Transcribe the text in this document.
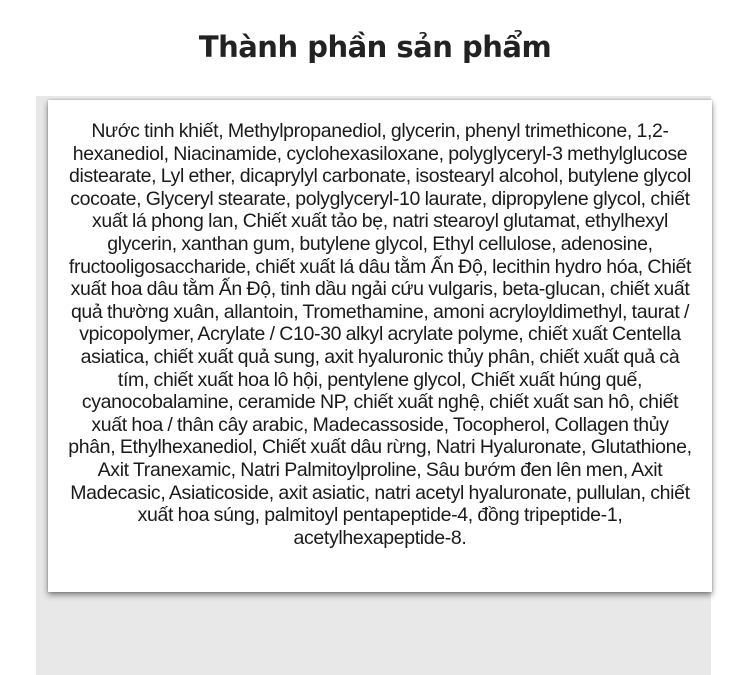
Thành phần sản phẩm

Nước tinh khiết, Methylpropanediol, glycerin, phenyl trimethicone, 1,2-hexanediol, Niacinamide, cyclohexasiloxane, polyglyceryl-3 methylglucose distearate, Lyl ether, dicaprylyl carbonate, isostearyl alcohol, butylene glycol cocoate, Glyceryl stearate, polyglyceryl-10 laurate, dipropylene glycol, chiết xuất lá phong lan, Chiết xuất tảo bẹ, natri stearoyl glutamat, ethylhexyl glycerin, xanthan gum, butylene glycol, Ethyl cellulose, adenosine, fructooligosaccharide, chiết xuất lá dâu tằm Ấn Độ, lecithin hydro hóa, Chiết xuất hoa dâu tằm Ấn Độ, tinh dầu ngải cứu vulgaris, beta-glucan, chiết xuất quả thường xuân, allantoin, Tromethamine, amoni acryloyldimethyl, taurat / vpicopolymer, Acrylate / C10-30 alkyl acrylate polyme, chiết xuất Centella asiatica, chiết xuất quả sung, axit hyaluronic thủy phân, chiết xuất quả cà tím, chiết xuất hoa lô hội, pentylene glycol, Chiết xuất húng quế, cyanocobalamine, ceramide NP, chiết xuất nghệ, chiết xuất san hô, chiết xuất hoa / thân cây arabic, Madecassoside, Tocopherol, Collagen thủy phân, Ethylhexanediol, Chiết xuất dâu rừng, Natri Hyaluronate, Glutathione, Axit Tranexamic, Natri Palmitoylproline, Sâu bướm đen lên men, Axit Madecasic, Asiaticoside, axit asiatic, natri acetyl hyaluronate, pullulan, chiết xuất hoa súng, palmitoyl pentapeptide-4, đồng tripeptide-1, acetylhexapeptide-8.
